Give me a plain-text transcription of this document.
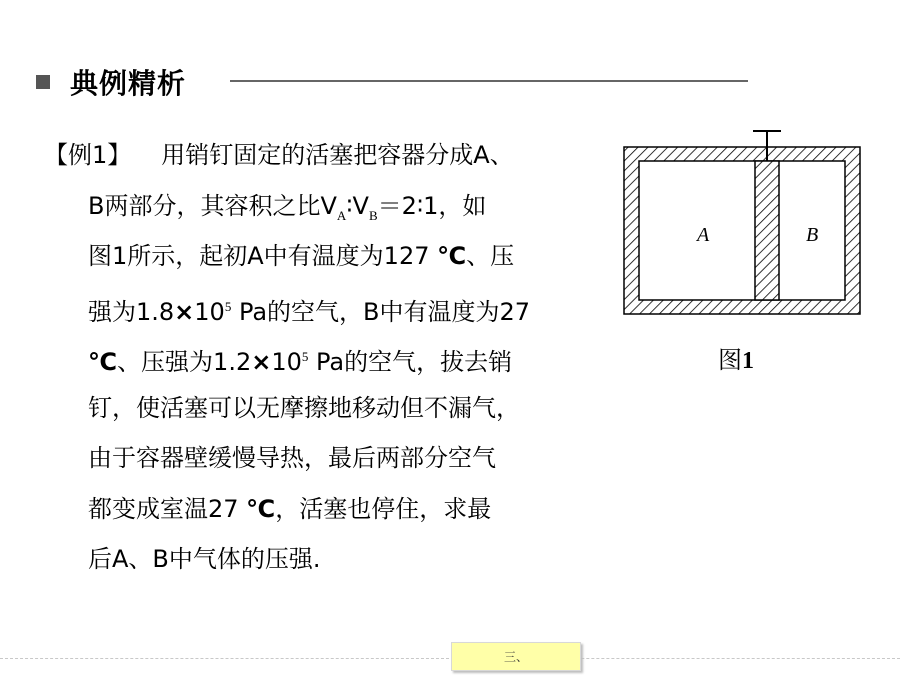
典例精析
【例1】 用销钉固定的活塞把容器分成A、
B两部分，其容积之比$V_A∶V_B=2∶1$，如
图1所示，起初A中有温度为127 ℃、压
强为$1.8\times 10^5$ Pa的空气，B中有温度为27
℃、压强为$1.2\times 10^5$ Pa的空气，拔去销
钉，使活塞可以无摩擦地移动但不漏气，
由于容器壁缓慢导热，最后两部分空气
都变成室温27 ℃，活塞也停住，求最
后A、B中气体的压强.
A	B
图1
三、
